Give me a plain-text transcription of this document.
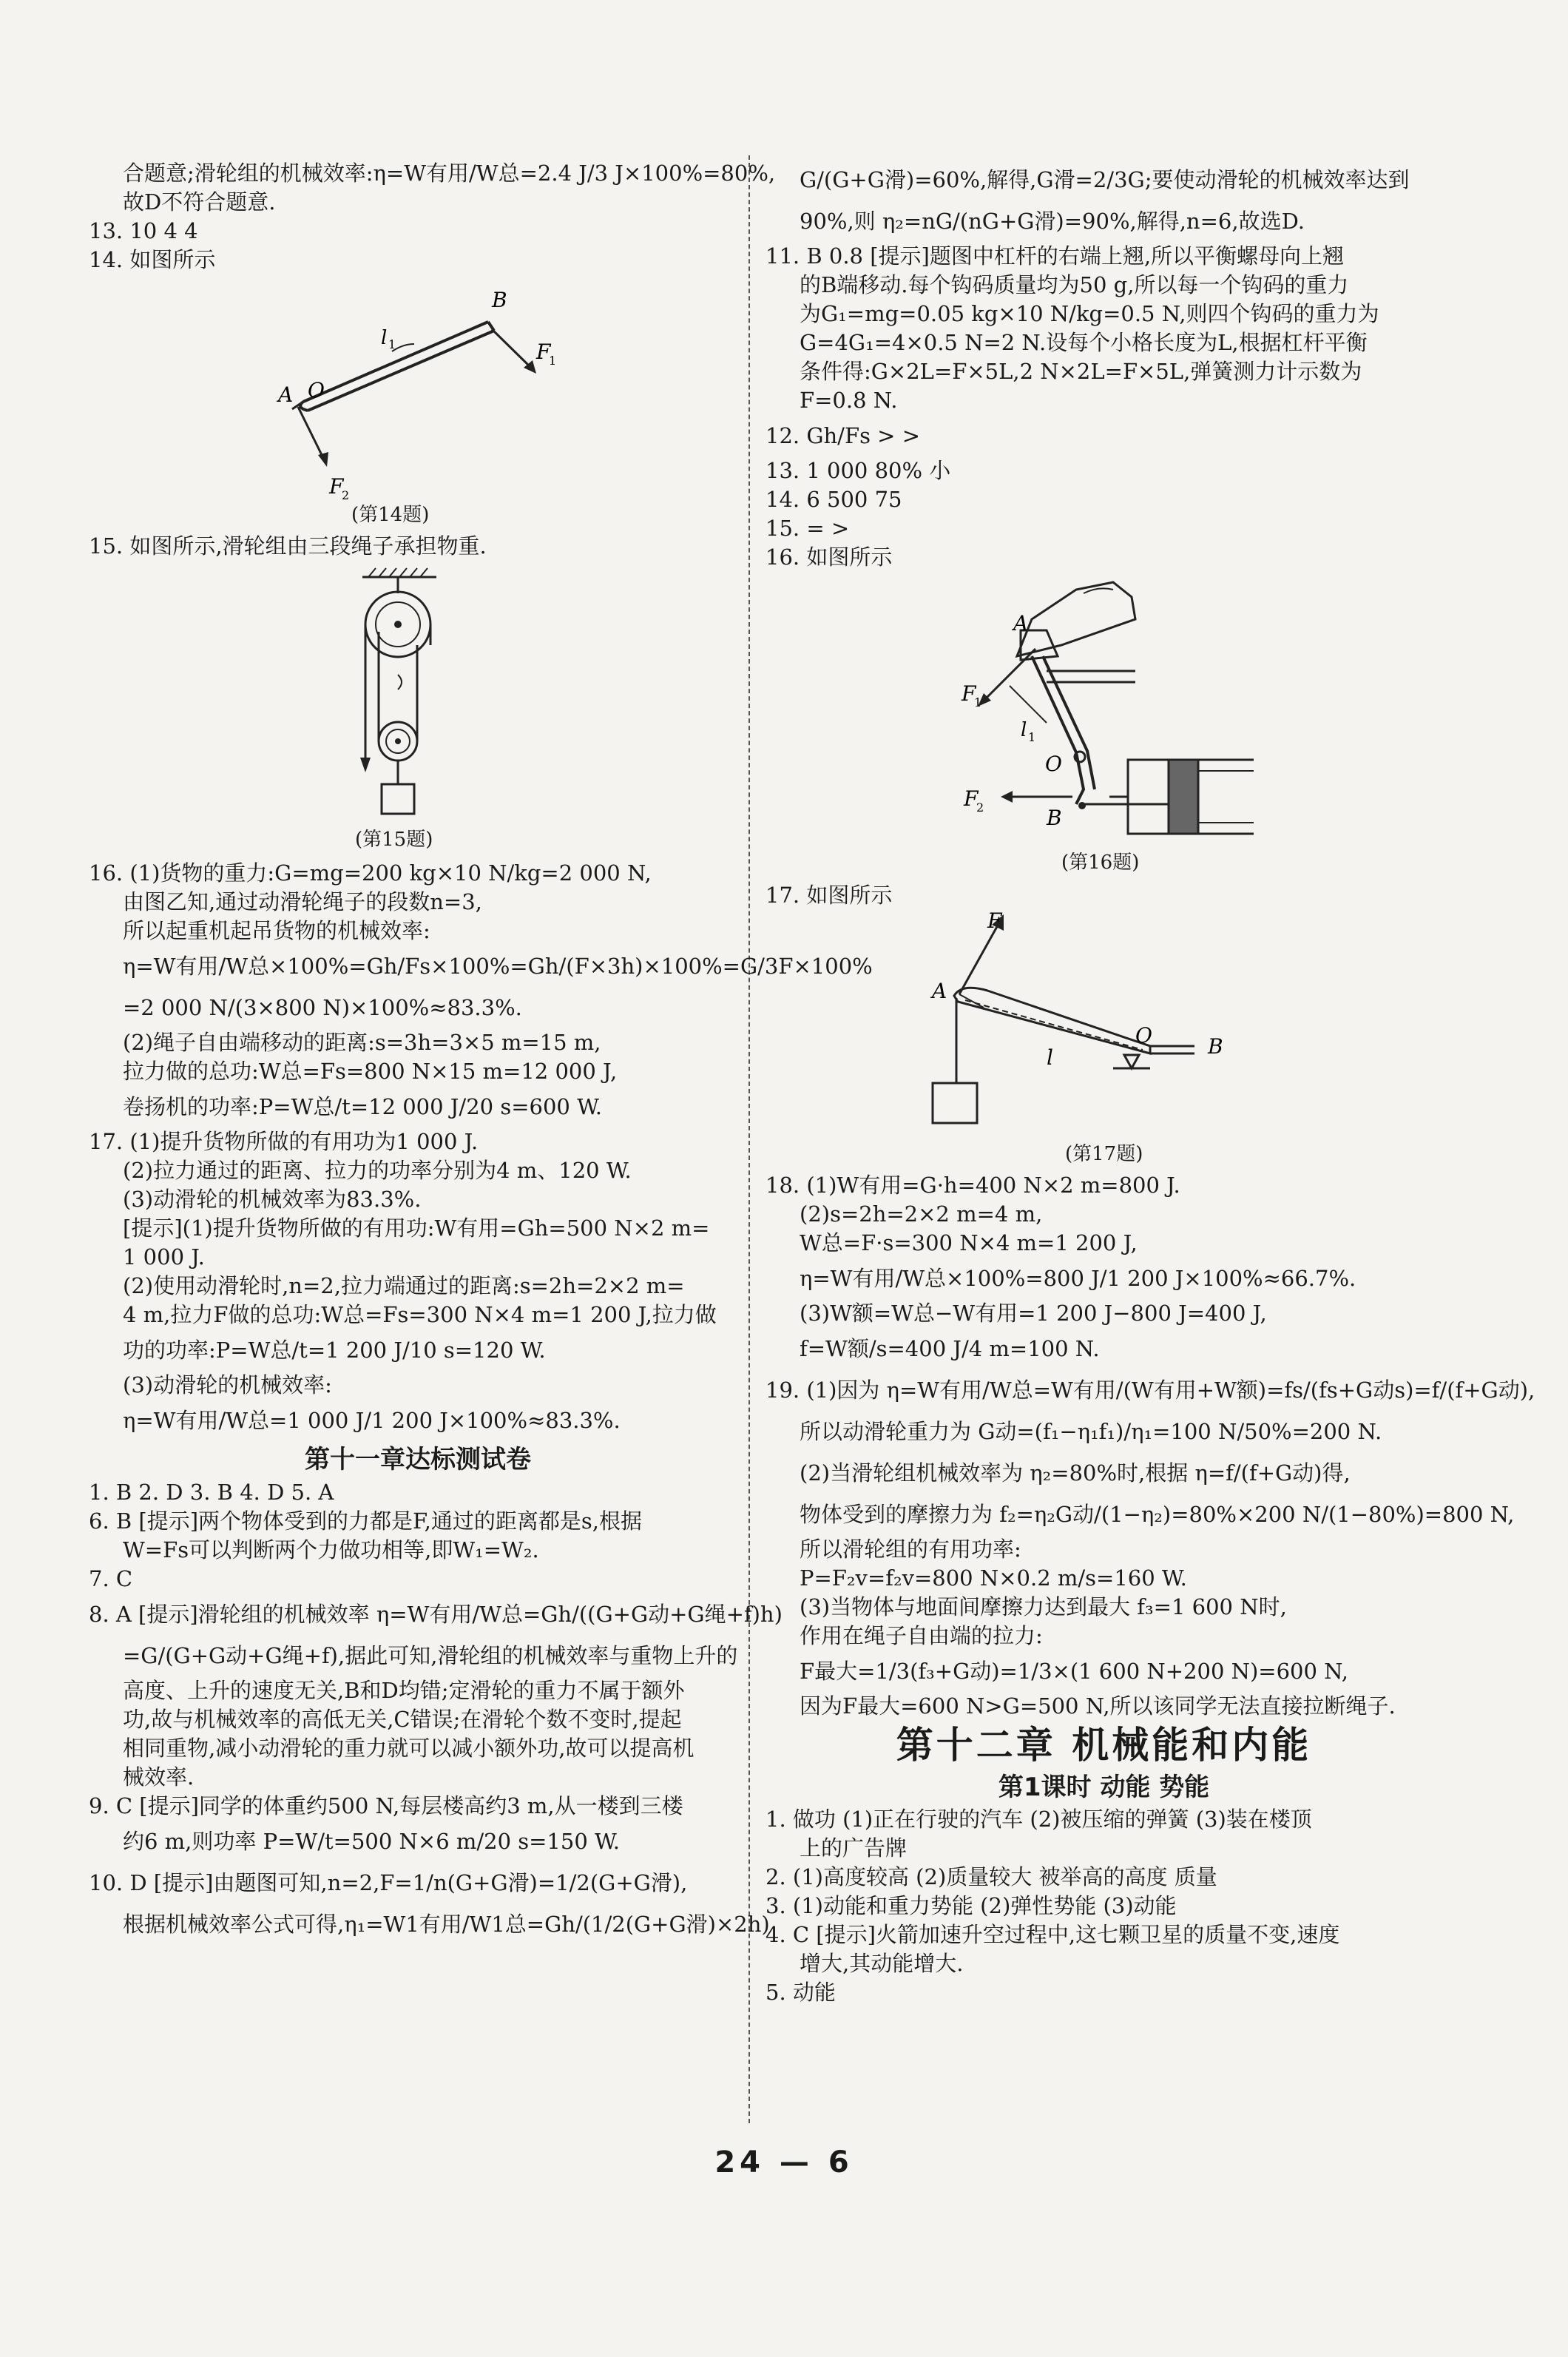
合题意;滑轮组的机械效率:η=W有用/W总=2.4 J/3 J×100%=80%,
故D不符合题意.
13. 10 4 4
14. 如图所示
B
l 1	F
1
A O
F
2
(第14题)
15. 如图所示,滑轮组由三段绳子承担物重.
(第15题)
16. (1)货物的重力:G=mg=200 kg×10 N/kg=2 000 N,
由图乙知,通过动滑轮绳子的段数n=3,
所以起重机起吊货物的机械效率:
η=W有用/W总×100%=Gh/Fs×100%=Gh/(F×3h)×100%=G/3F×100%
=2 000 N/(3×800 N)×100%≈83.3%.
(2)绳子自由端移动的距离:s=3h=3×5 m=15 m,
拉力做的总功:W总=Fs=800 N×15 m=12 000 J,
卷扬机的功率:P=W总/t=12 000 J/20 s=600 W.
17. (1)提升货物所做的有用功为1 000 J.
(2)拉力通过的距离、拉力的功率分别为4 m、120 W.
(3)动滑轮的机械效率为83.3%.
[提示](1)提升货物所做的有用功:W有用=Gh=500 N×2 m=
1 000 J.
(2)使用动滑轮时,n=2,拉力端通过的距离:s=2h=2×2 m=
4 m,拉力F做的总功:W总=Fs=300 N×4 m=1 200 J,拉力做
功的功率:P=W总/t=1 200 J/10 s=120 W.
(3)动滑轮的机械效率:
η=W有用/W总=1 000 J/1 200 J×100%≈83.3%.
第十一章达标测试卷
1. B 2. D 3. B 4. D 5. A
6. B [提示]两个物体受到的力都是F,通过的距离都是s,根据
W=Fs可以判断两个力做功相等,即W₁=W₂.
7. C
8. A [提示]滑轮组的机械效率 η=W有用/W总=Gh/((G+G动+G绳+f)h)
=G/(G+G动+G绳+f),据此可知,滑轮组的机械效率与重物上升的
高度、上升的速度无关,B和D均错;定滑轮的重力不属于额外
功,故与机械效率的高低无关,C错误;在滑轮个数不变时,提起
相同重物,减小动滑轮的重力就可以减小额外功,故可以提高机
械效率.
9. C [提示]同学的体重约500 N,每层楼高约3 m,从一楼到三楼
约6 m,则功率 P=W/t=500 N×6 m/20 s=150 W.
10. D [提示]由题图可知,n=2,F=1/n(G+G滑)=1/2(G+G滑),
根据机械效率公式可得,η₁=W1有用/W1总=Gh/(1/2(G+G滑)×2h)
G/(G+G滑)=60%,解得,G滑=2/3G;要使动滑轮的机械效率达到
90%,则 η₂=nG/(nG+G滑)=90%,解得,n=6,故选D.
11. B 0.8 [提示]题图中杠杆的右端上翘,所以平衡螺母向上翘
的B端移动.每个钩码质量均为50 g,所以每一个钩码的重力
为G₁=mg=0.05 kg×10 N/kg=0.5 N,则四个钩码的重力为
G=4G₁=4×0.5 N=2 N.设每个小格长度为L,根据杠杆平衡
条件得:G×2L=F×5L,2 N×2L=F×5L,弹簧测力计示数为
F=0.8 N.
12. Gh/Fs > >
13. 1 000 80% 小
14. 6 500 75
15. = >
16. 如图所示
A
F
1
l 1
O
F
2	B
(第16题)
17. 如图所示
F
A
l
O	B
(第17题)
18. (1)W有用=G·h=400 N×2 m=800 J.
(2)s=2h=2×2 m=4 m,
W总=F·s=300 N×4 m=1 200 J,
η=W有用/W总×100%=800 J/1 200 J×100%≈66.7%.
(3)W额=W总−W有用=1 200 J−800 J=400 J,
f=W额/s=400 J/4 m=100 N.
19. (1)因为 η=W有用/W总=W有用/(W有用+W额)=fs/(fs+G动s)=f/(f+G动),
所以动滑轮重力为 G动=(f₁−η₁f₁)/η₁=100 N/50%=200 N.
(2)当滑轮组机械效率为 η₂=80%时,根据 η=f/(f+G动)得,
物体受到的摩擦力为 f₂=η₂G动/(1−η₂)=80%×200 N/(1−80%)=800 N,
所以滑轮组的有用功率:
P=F₂v=f₂v=800 N×0.2 m/s=160 W.
(3)当物体与地面间摩擦力达到最大 f₃=1 600 N时,
作用在绳子自由端的拉力:
F最大=1/3(f₃+G动)=1/3×(1 600 N+200 N)=600 N,
因为F最大=600 N>G=500 N,所以该同学无法直接拉断绳子.
第十二章 机械能和内能
第1课时 动能 势能
1. 做功 (1)正在行驶的汽车 (2)被压缩的弹簧 (3)装在楼顶
上的广告牌
2. (1)高度较高 (2)质量较大 被举高的高度 质量
3. (1)动能和重力势能 (2)弹性势能 (3)动能
4. C [提示]火箭加速升空过程中,这七颗卫星的质量不变,速度
增大,其动能增大.
5. 动能
24 — 6
